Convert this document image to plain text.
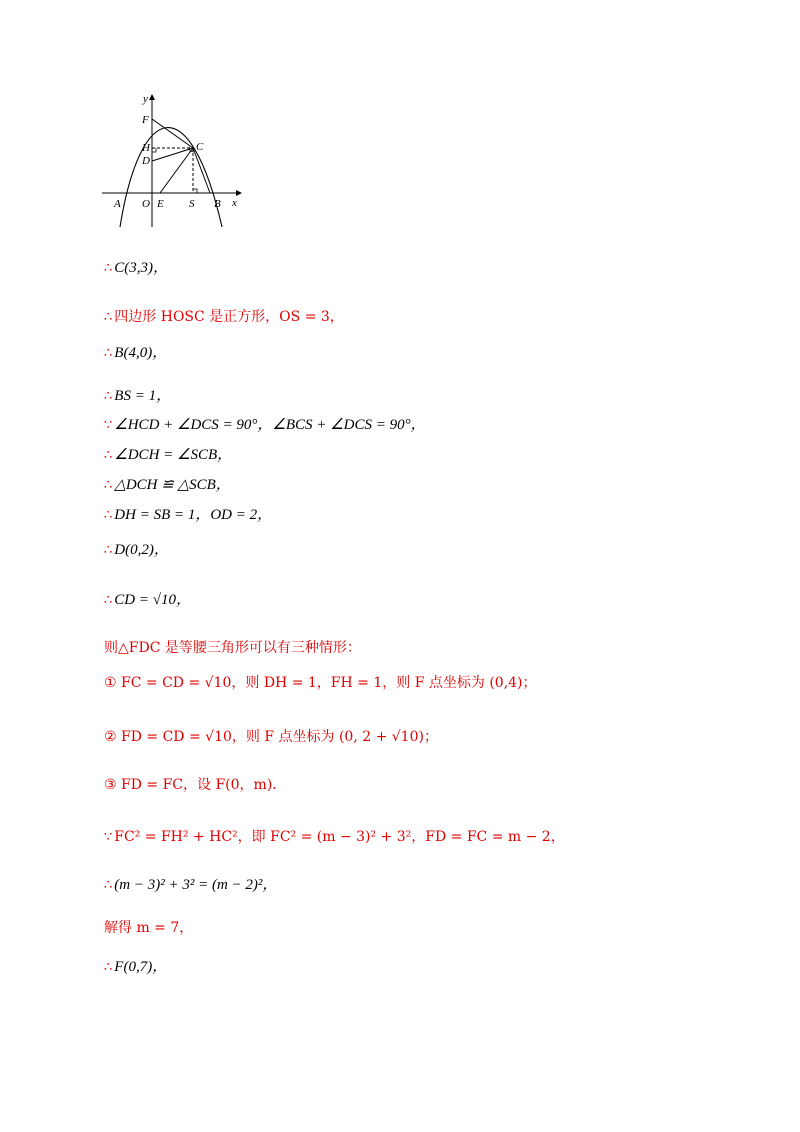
y
F
H
D
C
A O E S B x
∴ C(3,3)，
∴ 四边形 HOSC 是正方形，OS = 3，
∴ B(4,0)，
∴ BS = 1，
∵ ∠HCD + ∠DCS = 90°，∠BCS + ∠DCS = 90°，
∴ ∠DCH = ∠SCB，
∴ △DCH ≌ △SCB，
∴ DH = SB = 1，OD = 2，
∴ D(0,2)，
∴ CD = √10，
则△FDC 是等腰三角形可以有三种情形：
① FC = CD = √10，则 DH = 1，FH = 1，则 F 点坐标为 (0,4)；
② FD = CD = √10，则 F 点坐标为 (0, 2 + √10)；
③ FD = FC，设 F(0，m)．
∵ FC² = FH² + HC²，即 FC² = (m − 3)² + 3²，FD = FC = m − 2，
∴ (m − 3)² + 3² = (m − 2)²，
解得 m = 7，
∴ F(0,7)，
